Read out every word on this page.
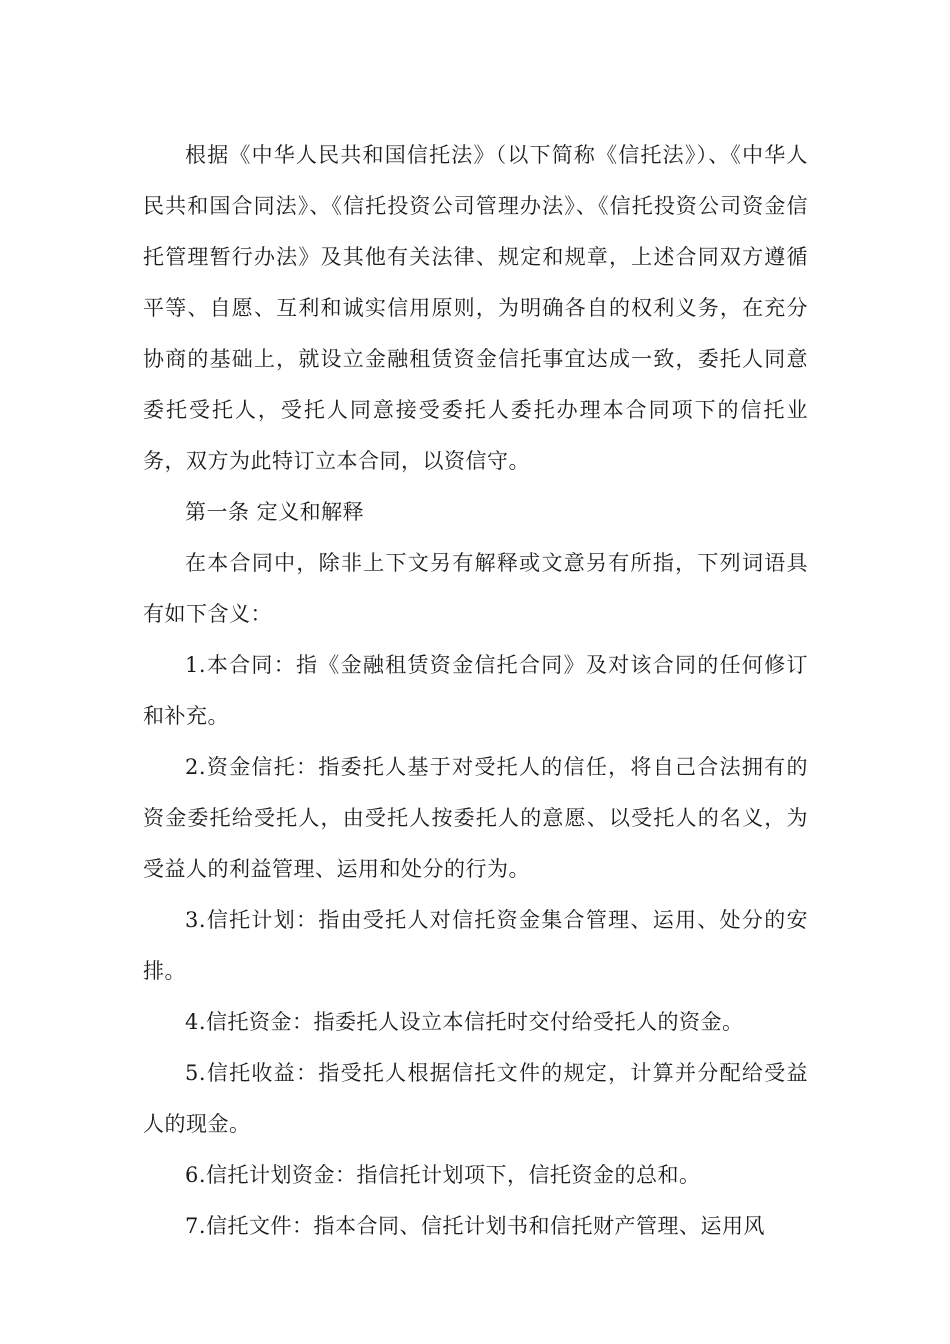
根据《中华人民共和国信托法》（以下简称《信托法》）、《中华人民共和国合同法》、《信托投资公司管理办法》、《信托投资公司资金信托管理暂行办法》及其他有关法律、规定和规章，上述合同双方遵循平等、自愿、互利和诚实信用原则，为明确各自的权利义务，在充分协商的基础上，就设立金融租赁资金信托事宜达成一致，委托人同意委托受托人，受托人同意接受委托人委托办理本合同项下的信托业务，双方为此特订立本合同，以资信守。

第一条 定义和解释

在本合同中，除非上下文另有解释或文意另有所指，下列词语具有如下含义：

1.本合同：指《金融租赁资金信托合同》及对该合同的任何修订和补充。

2.资金信托：指委托人基于对受托人的信任，将自己合法拥有的资金委托给受托人，由受托人按委托人的意愿、以受托人的名义，为受益人的利益管理、运用和处分的行为。

3.信托计划：指由受托人对信托资金集合管理、运用、处分的安排。

4.信托资金：指委托人设立本信托时交付给受托人的资金。

5.信托收益：指受托人根据信托文件的规定，计算并分配给受益人的现金。

6.信托计划资金：指信托计划项下，信托资金的总和。

7.信托文件：指本合同、信托计划书和信托财产管理、运用风
